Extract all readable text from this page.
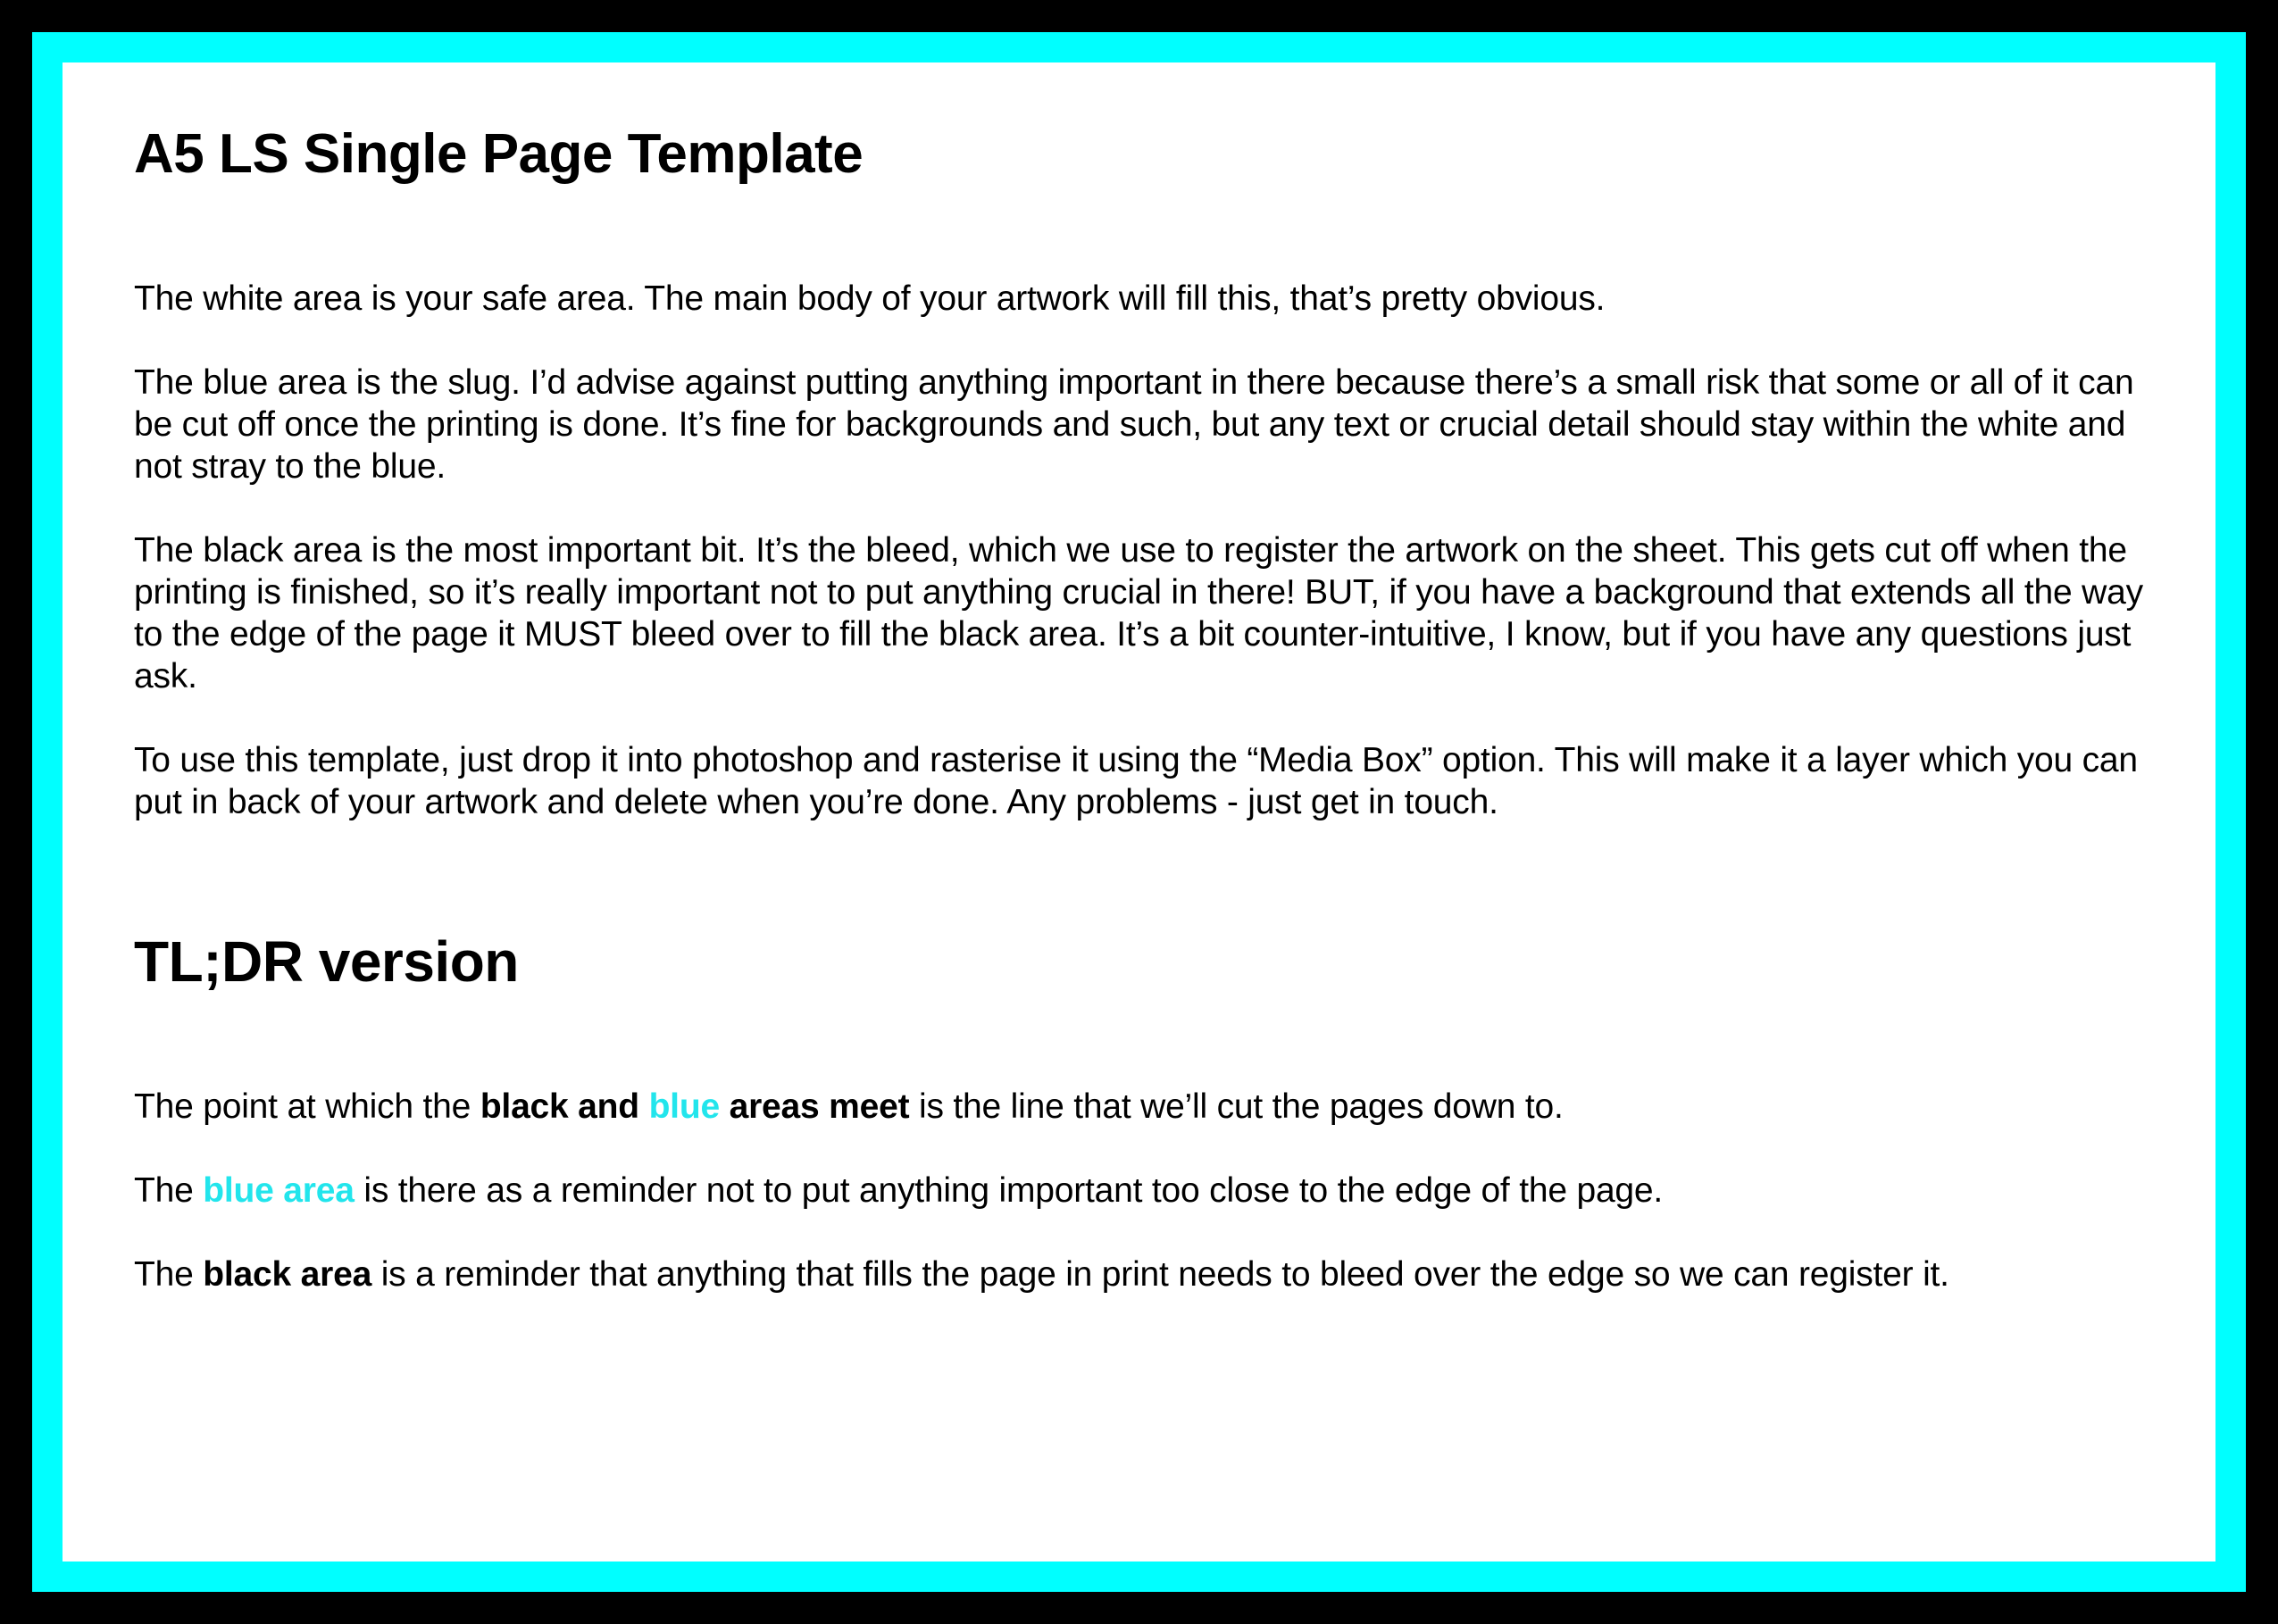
A5 LS Single Page Template

The white area is your safe area. The main body of your artwork will fill this, that’s pretty obvious.

The blue area is the slug. I’d advise against putting anything important in there because there’s a small risk that some or all of it can be cut off once the printing is done. It’s fine for backgrounds and such, but any text or crucial detail should stay within the white and not stray to the blue.

The black area is the most important bit. It’s the bleed, which we use to register the artwork on the sheet. This gets cut off when the printing is finished, so it’s really important not to put anything crucial in there! BUT, if you have a background that extends all the way to the edge of the page it MUST bleed over to fill the black area. It’s a bit counter-intuitive, I know, but if you have any questions just ask.

To use this template, just drop it into photoshop and rasterise it using the “Media Box” option. This will make it a layer which you can put in back of your artwork and delete when you’re done. Any problems - just get in touch.

TL;DR version

The point at which the black and blue areas meet is the line that we’ll cut the pages down to.

The blue area is there as a reminder not to put anything important too close to the edge of the page.

The black area is a reminder that anything that fills the page in print needs to bleed over the edge so we can register it.
